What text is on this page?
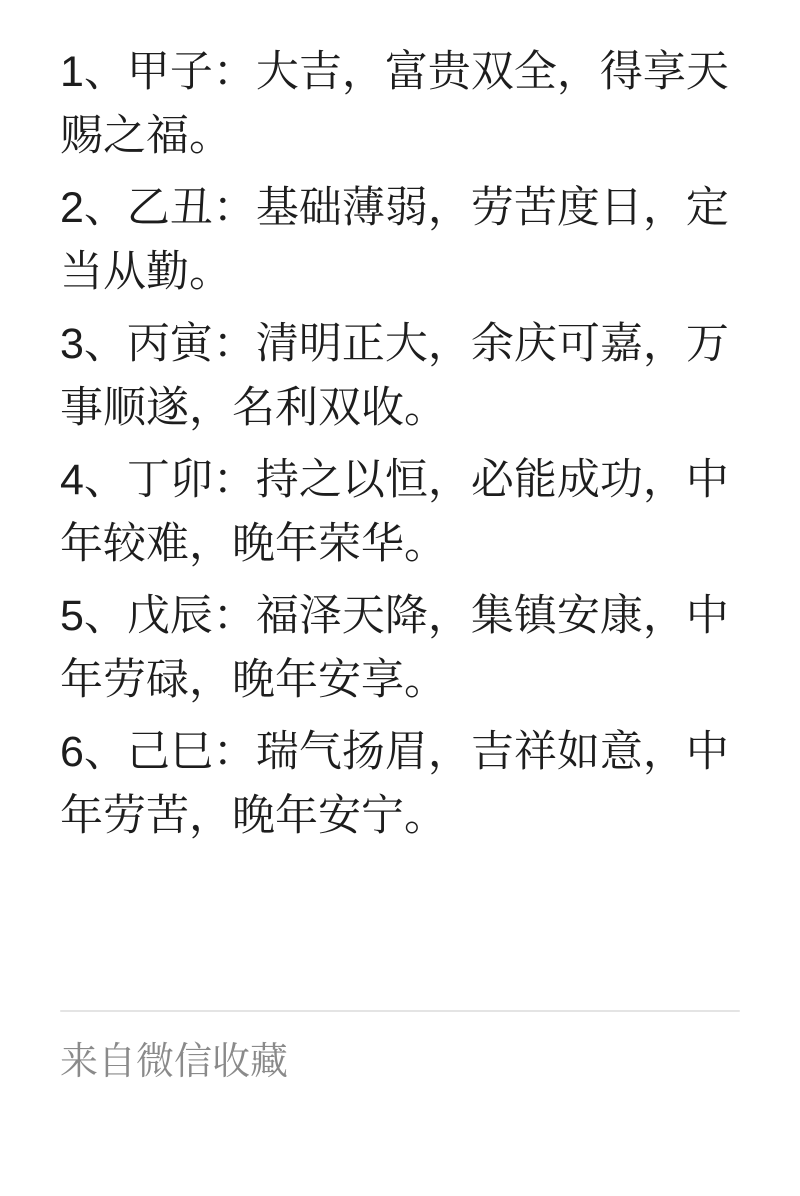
1、甲子：大吉，富贵双全，得享天
赐之福。

2、乙丑：基础薄弱，劳苦度日，定
当从勤。

3、丙寅：清明正大，余庆可嘉，万
事顺遂，名利双收。

4、丁卯：持之以恒，必能成功，中
年较难，晚年荣华。

5、戊辰：福泽天降，集镇安康，中
年劳碌，晚年安享。

6、己巳：瑞气扬眉，吉祥如意，中
年劳苦，晚年安宁。

来自微信收藏
